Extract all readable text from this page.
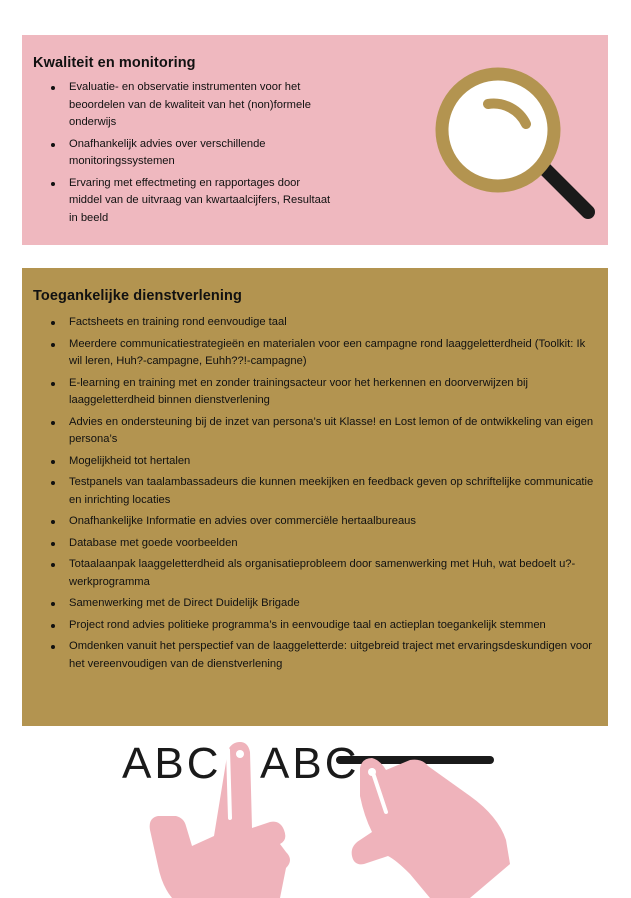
Kwaliteit en monitoring
Evaluatie- en observatie instrumenten voor het beoordelen van de kwaliteit van het (non)formele onderwijs
Onafhankelijk advies over verschillende monitoringssystemen
Ervaring met effectmeting en rapportages door middel van de uitvraag van kwartaalcijfers, Resultaat in beeld
Toegankelijke dienstverlening
Factsheets en training rond eenvoudige taal
Meerdere communicatiestrategieën en materialen voor een campagne rond laaggeletterdheid (Toolkit: Ik wil leren, Huh?-campagne, Euhh??!-campagne)
E-learning en training met en zonder trainingsacteur voor het herkennen en doorverwijzen bij laaggeletterdheid binnen dienstverlening
Advies en ondersteuning bij de inzet van persona’s uit Klasse! en Lost lemon of de ontwikkeling van eigen persona’s
Mogelijkheid tot hertalen
Testpanels van taalambassadeurs die kunnen meekijken en feedback geven op schriftelijke communicatie en inrichting locaties
Onafhankelijke Informatie en advies over commerciële hertaalbureaus
Database met goede voorbeelden
Totaalaanpak laaggeletterdheid als organisatieprobleem door samenwerking met Huh, wat bedoelt u?-werkprogramma
Samenwerking met de Direct Duidelijk Brigade
Project rond advies politieke programma’s in eenvoudige taal en actieplan toegankelijk stemmen
Omdenken vanuit het perspectief van de laaggeletterde: uitgebreid traject met ervaringsdeskundigen voor het vereenvoudigen van de dienstverlening
ABC ABC
